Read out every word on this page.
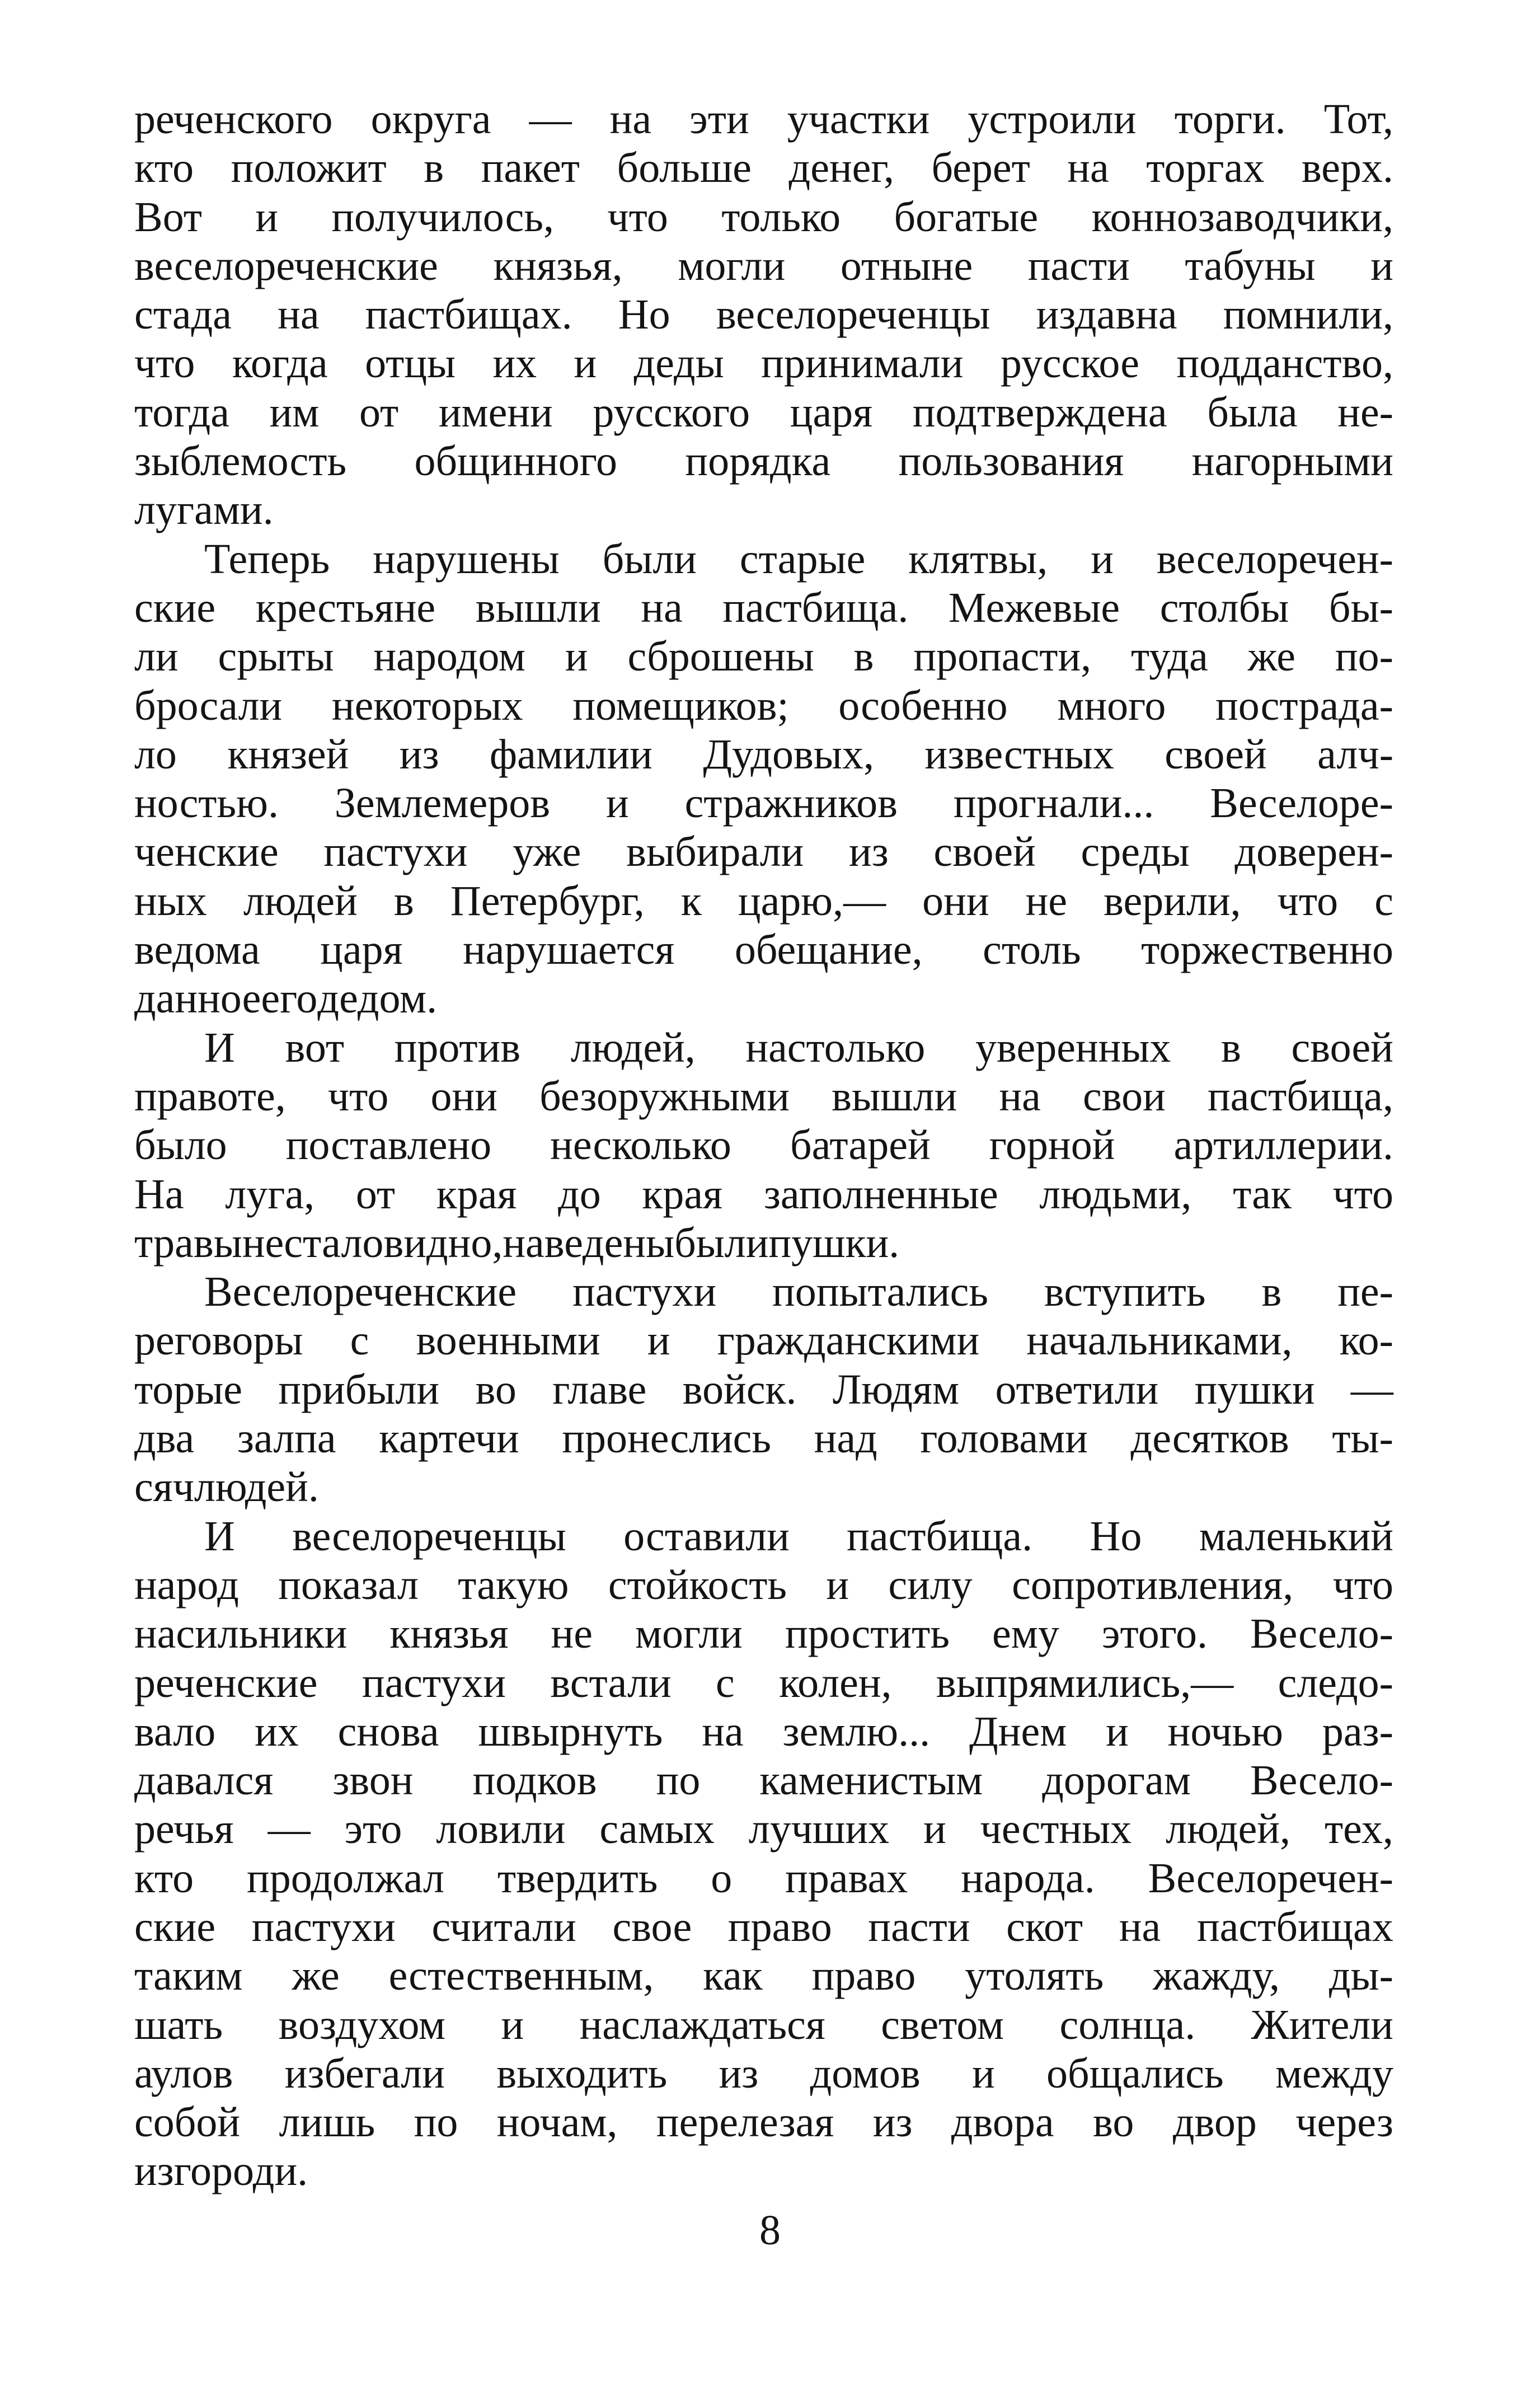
реченского округа — на эти участки устроили торги. Тот,
кто положит в пакет больше денег, берет на торгах верх.
Вот и получилось, что только богатые коннозаводчики,
веселореченские князья, могли отныне пасти табуны и
стада на пастбищах. Но веселореченцы издавна помнили,
что когда отцы их и деды принимали русское подданство,
тогда им от имени русского царя подтверждена была не-
зыблемость общинного порядка пользования нагорными
лугами.
Теперь нарушены были старые клятвы, и веселоречен-
ские крестьяне вышли на пастбища. Межевые столбы бы-
ли срыты народом и сброшены в пропасти, туда же по-
бросали некоторых помещиков; особенно много пострада-
ло князей из фамилии Дудовых, известных своей алч-
ностью. Землемеров и стражников прогнали... Веселоре-
ченские пастухи уже выбирали из своей среды доверен-
ных людей в Петербург, к царю,— они не верили, что с
ведома царя нарушается обещание, столь торжественно
данное его дедом.
И вот против людей, настолько уверенных в своей
правоте, что они безоружными вышли на свои пастбища,
было поставлено несколько батарей горной артиллерии.
На луга, от края до края заполненные людьми, так что
травы не стало видно, наведены были пушки.
Веселореченские пастухи попытались вступить в пе-
реговоры с военными и гражданскими начальниками, ко-
торые прибыли во главе войск. Людям ответили пушки —
два залпа картечи пронеслись над головами десятков ты-
сяч людей.
И веселореченцы оставили пастбища. Но маленький
народ показал такую стойкость и силу сопротивления, что
насильники князья не могли простить ему этого. Весело-
реченские пастухи встали с колен, выпрямились,— следо-
вало их снова швырнуть на землю... Днем и ночью раз-
давался звон подков по каменистым дорогам Весело-
речья — это ловили самых лучших и честных людей, тех,
кто продолжал твердить о правах народа. Веселоречен-
ские пастухи считали свое право пасти скот на пастбищах
таким же естественным, как право утолять жажду, ды-
шать воздухом и наслаждаться светом солнца. Жители
аулов избегали выходить из домов и общались между
собой лишь по ночам, перелезая из двора во двор через
изгороди.
8
